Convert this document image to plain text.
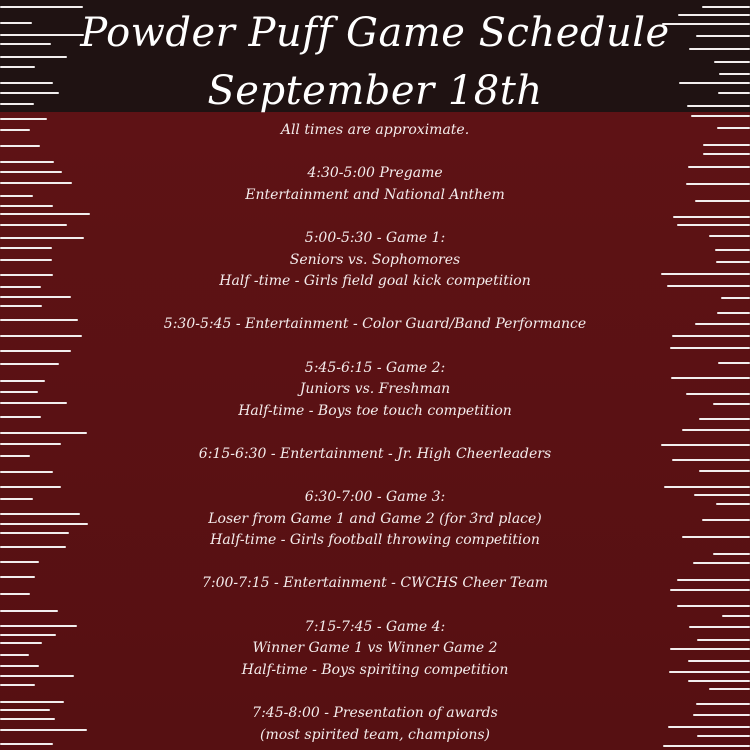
Powder Puff Game Schedule
September 18th
All times are approximate.
4:30-5:00 Pregame
Entertainment and National Anthem
5:00-5:30 - Game 1:
Seniors vs. Sophomores
Half -time - Girls field goal kick competition
5:30-5:45 - Entertainment - Color Guard/Band Performance
5:45-6:15 - Game 2:
Juniors vs. Freshman
Half-time - Boys toe touch competition
6:15-6:30 - Entertainment - Jr. High Cheerleaders
6:30-7:00 - Game 3:
Loser from Game 1 and Game 2 (for 3rd place)
Half-time - Girls football throwing competition
7:00-7:15 - Entertainment - CWCHS Cheer Team
7:15-7:45 - Game 4:
Winner Game 1 vs Winner Game 2
Half-time - Boys spiriting competition
7:45-8:00 - Presentation of awards
(most spirited team, champions)
